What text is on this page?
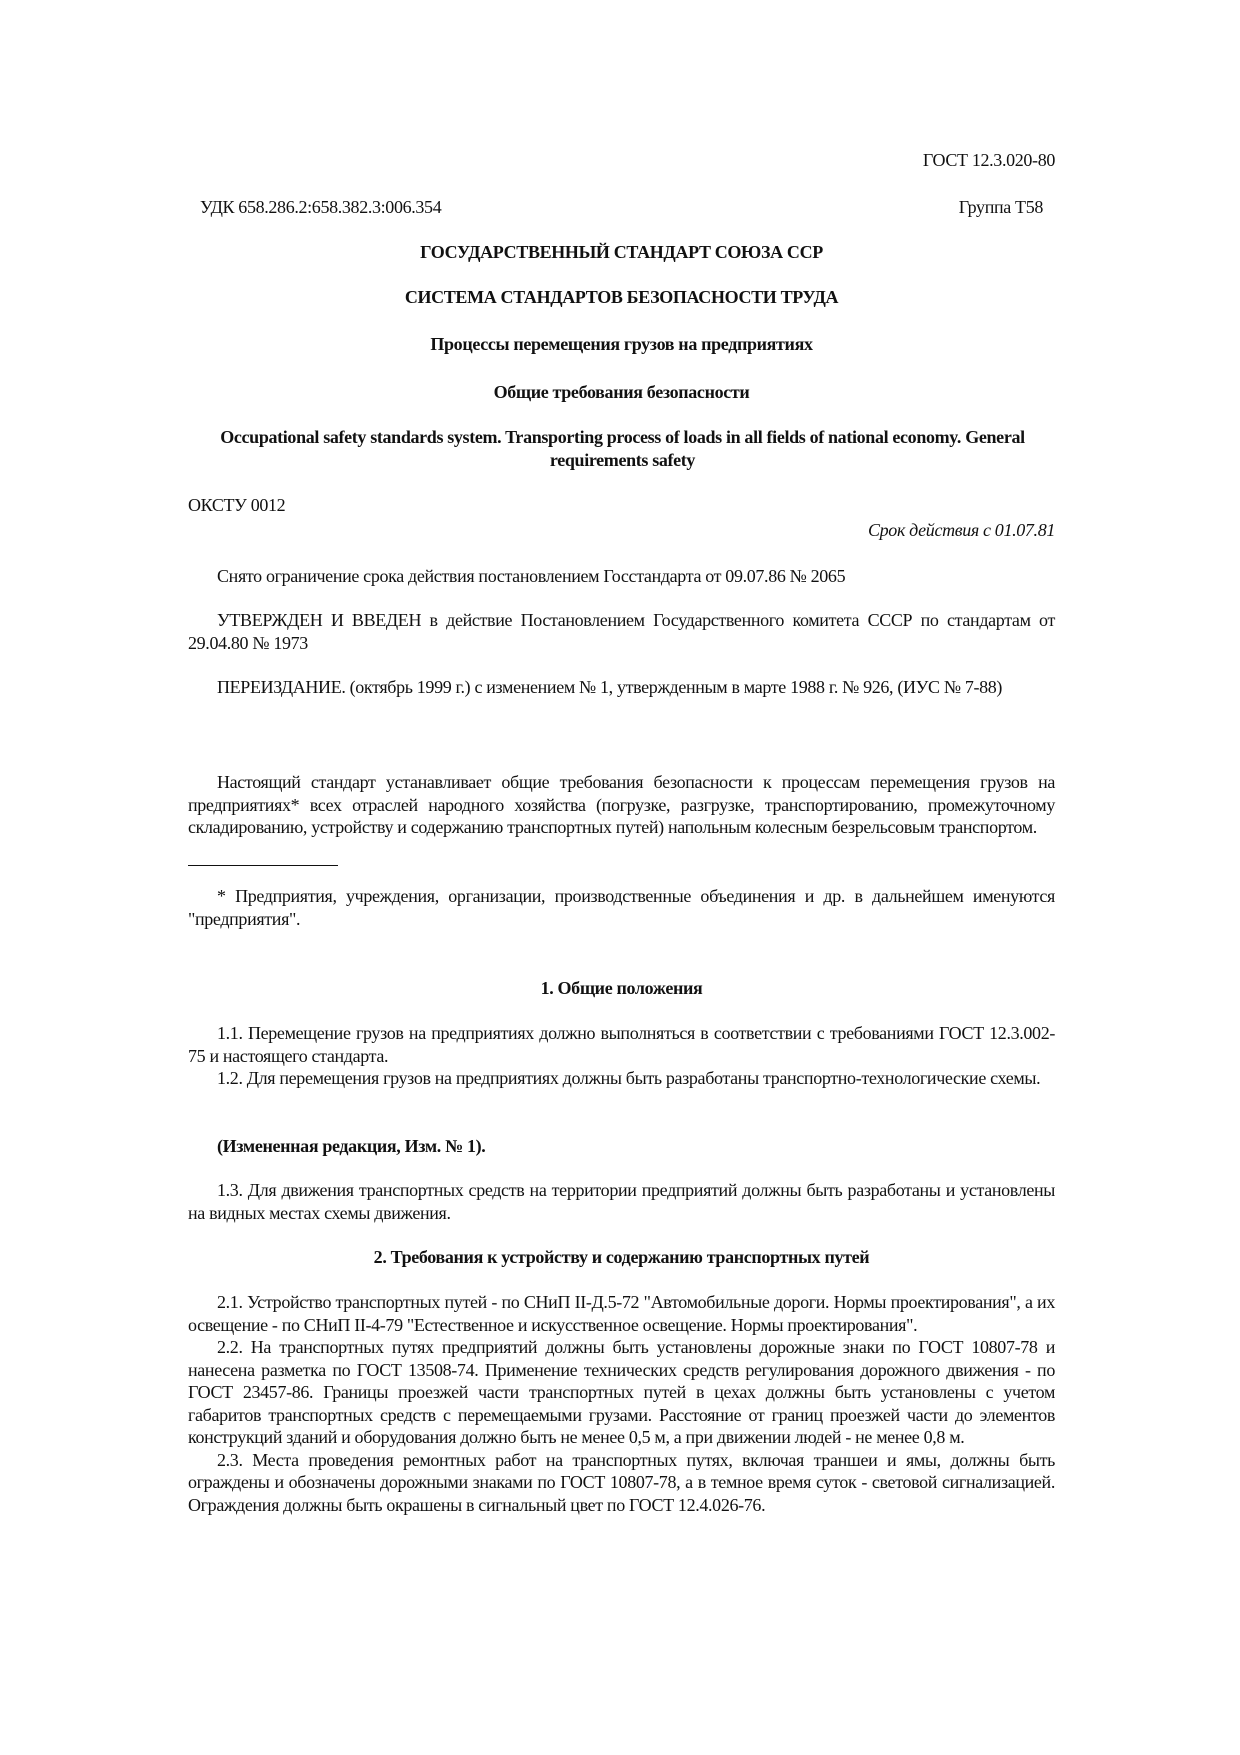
ГОСТ 12.3.020-80
УДК 658.286.2:658.382.3:006.354	Группа Т58
ГОСУДАРСТВЕННЫЙ СТАНДАРТ СОЮЗА ССР
СИСТЕМА СТАНДАРТОВ БЕЗОПАСНОСТИ ТРУДА
Процессы перемещения грузов на предприятиях
Общие требования безопасности
Occupational safety standards system. Transporting process of loads in all fields of national economy. General requirements safety
ОКСТУ 0012
Срок действия с 01.07.81
Снято ограничение срока действия постановлением Госстандарта от 09.07.86 № 2065
УТВЕРЖДЕН И ВВЕДЕН в действие Постановлением Государственного комитета СССР по стандартам от 29.04.80 № 1973
ПЕРЕИЗДАНИЕ. (октябрь 1999 г.) с изменением № 1, утвержденным в марте 1988 г. № 926, (ИУС № 7-88)
Настоящий стандарт устанавливает общие требования безопасности к процессам перемещения грузов на предприятиях* всех отраслей народного хозяйства (погрузке, разгрузке, транспортированию, промежуточному складированию, устройству и содержанию транспортных путей) напольным колесным безрельсовым транспортом.
* Предприятия, учреждения, организации, производственные объединения и др. в дальнейшем именуются "предприятия".
1. Общие положения

1.1. Перемещение грузов на предприятиях должно выполняться в соответствии с требованиями ГОСТ 12.3.002-75 и настоящего стандарта.

1.2. Для перемещения грузов на предприятиях должны быть разработаны транспортно-технологические схемы.

(Измененная редакция, Изм. № 1).
1.3. Для движения транспортных средств на территории предприятий должны быть разработаны и установлены на видных местах схемы движения.
2. Требования к устройству и содержанию транспортных путей

2.1. Устройство транспортных путей - по СНиП II-Д.5-72 "Автомобильные дороги. Нормы проектирования", а их освещение - по СНиП II-4-79 "Естественное и искусственное освещение. Нормы проектирования".

2.2. На транспортных путях предприятий должны быть установлены дорожные знаки по ГОСТ 10807-78 и нанесена разметка по ГОСТ 13508-74. Применение технических средств регулирования дорожного движения - по ГОСТ 23457-86. Границы проезжей части транспортных путей в цехах должны быть установлены с учетом габаритов транспортных средств с перемещаемыми грузами. Расстояние от границ проезжей части до элементов конструкций зданий и оборудования должно быть не менее 0,5 м, а при движении людей - не менее 0,8 м.

2.3. Места проведения ремонтных работ на транспортных путях, включая траншеи и ямы, должны быть ограждены и обозначены дорожными знаками по ГОСТ 10807-78, а в темное время суток - световой сигнализацией. Ограждения должны быть окрашены в сигнальный цвет по ГОСТ 12.4.026-76.
